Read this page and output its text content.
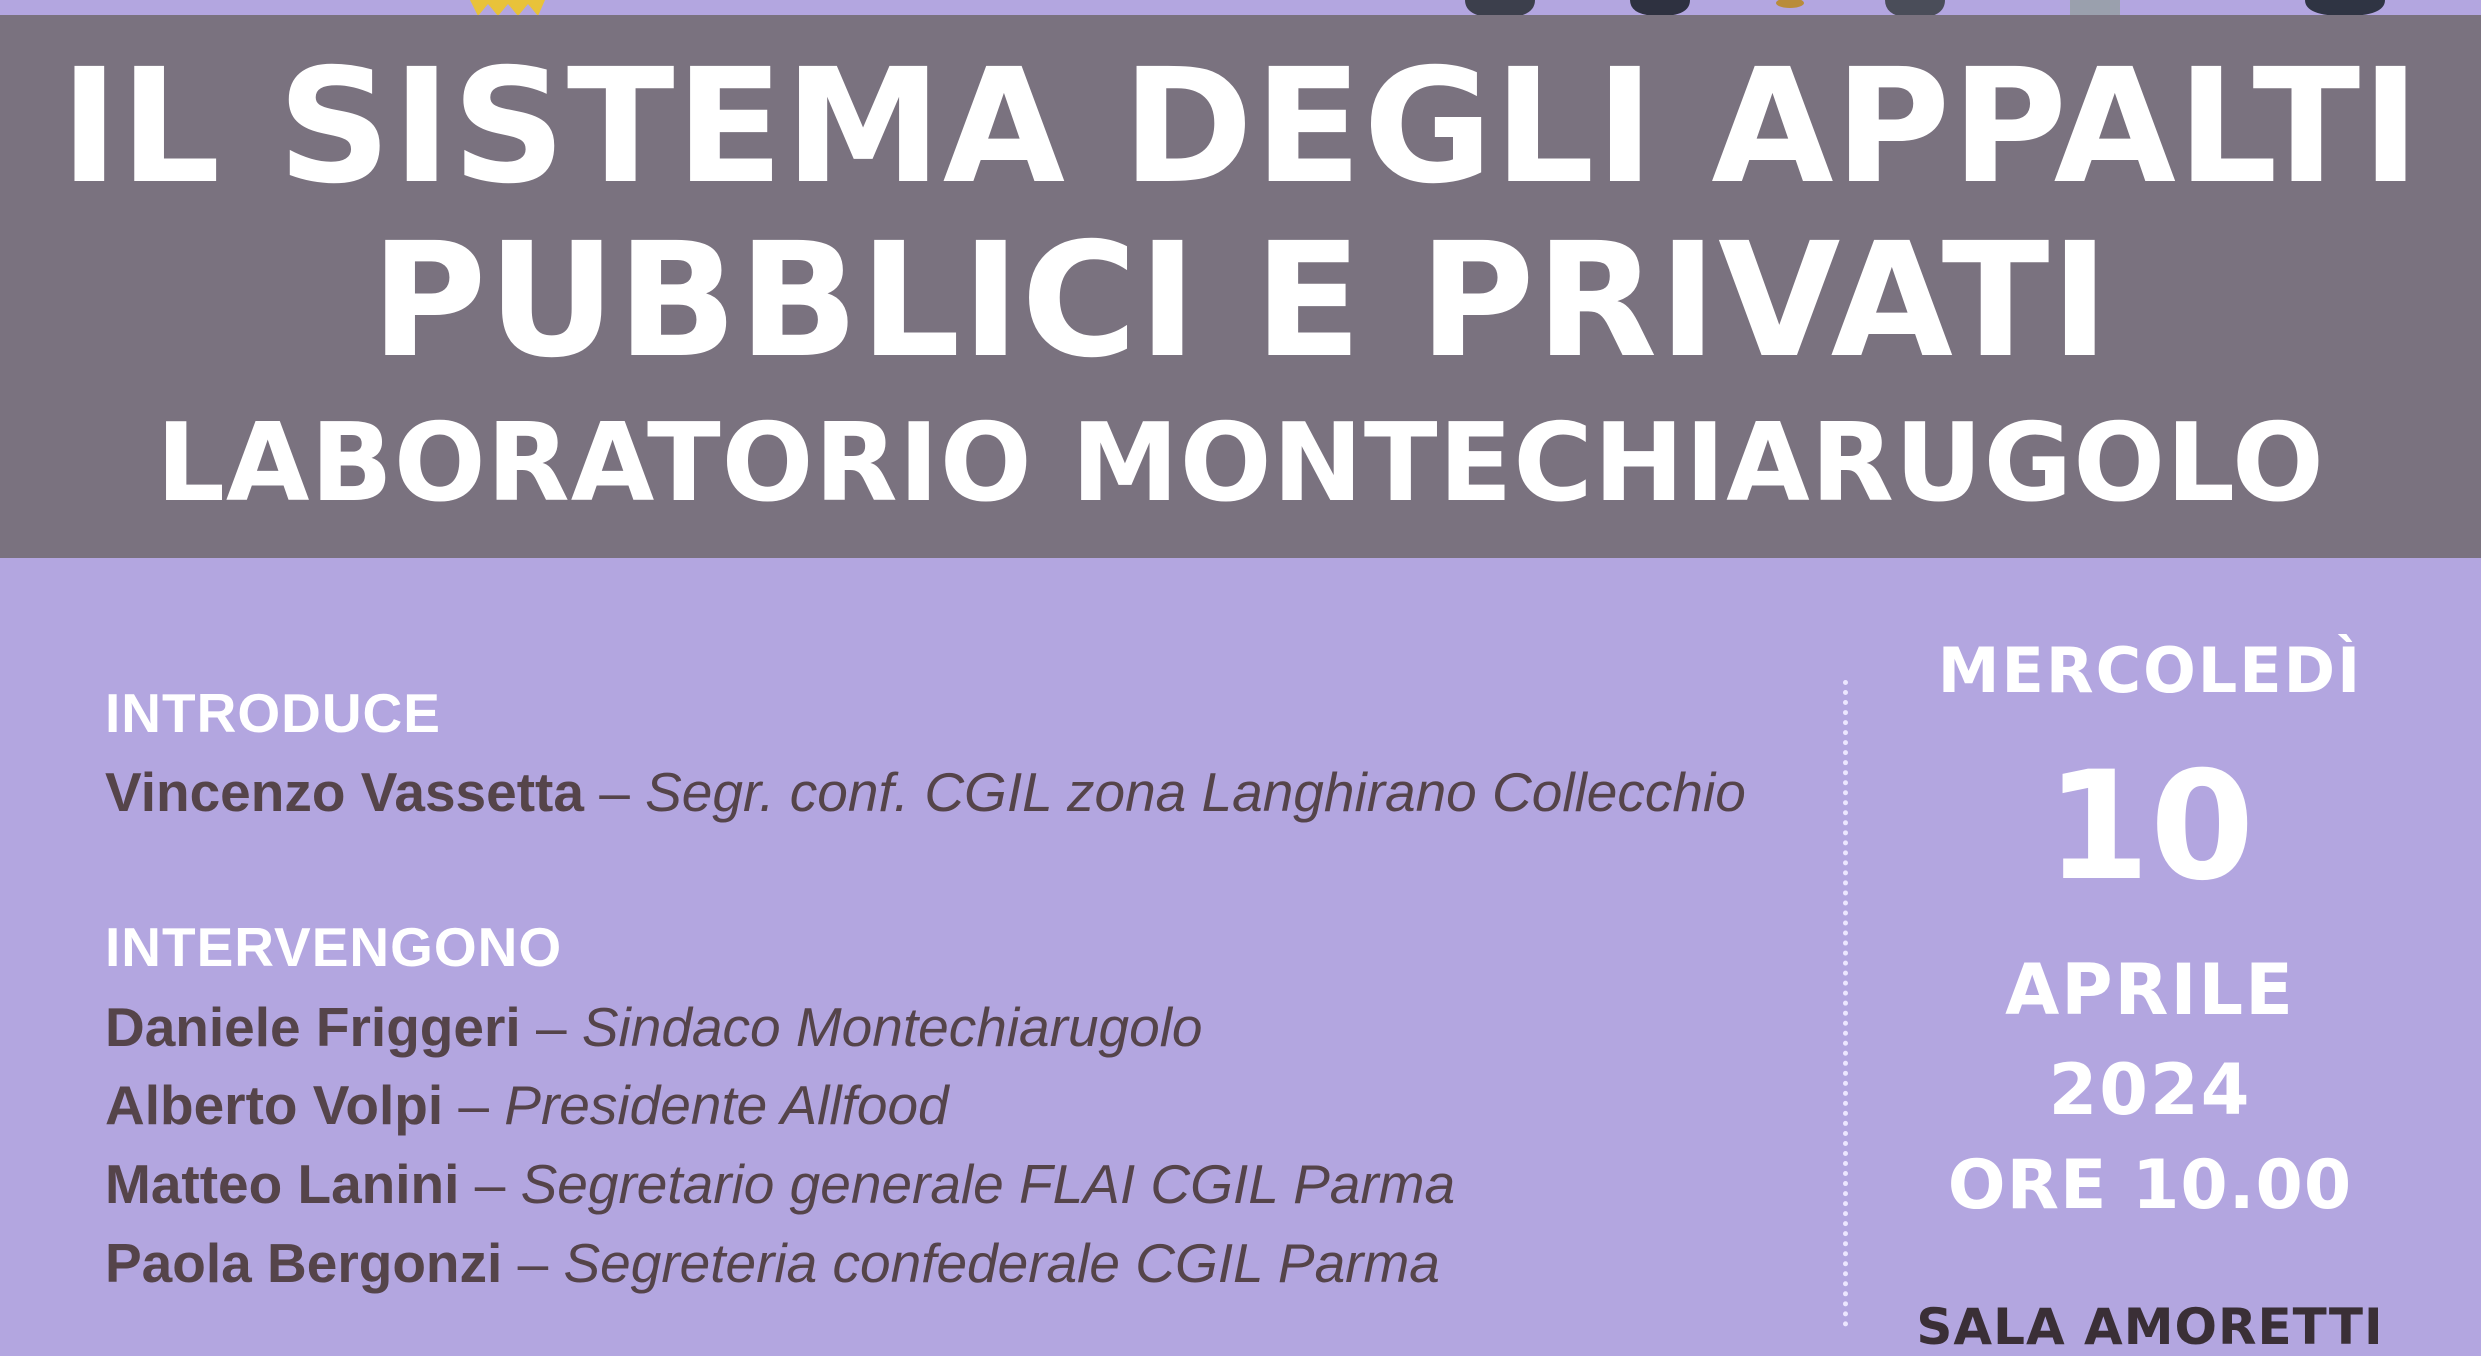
IL SISTEMA DEGLI APPALTI
PUBBLICI E PRIVATI
LABORATORIO MONTECHIARUGOLO
INTRODUCE
Vincenzo Vassetta – Segr. conf. CGIL zona Langhirano Collecchio
INTERVENGONO
Daniele Friggeri – Sindaco Montechiarugolo
Alberto Volpi – Presidente Allfood
Matteo Lanini – Segretario generale FLAI CGIL Parma
Paola Bergonzi – Segreteria confederale CGIL Parma
MERCOLEDÌ
10
APRILE
2024
ORE 10.00
SALA AMORETTI
